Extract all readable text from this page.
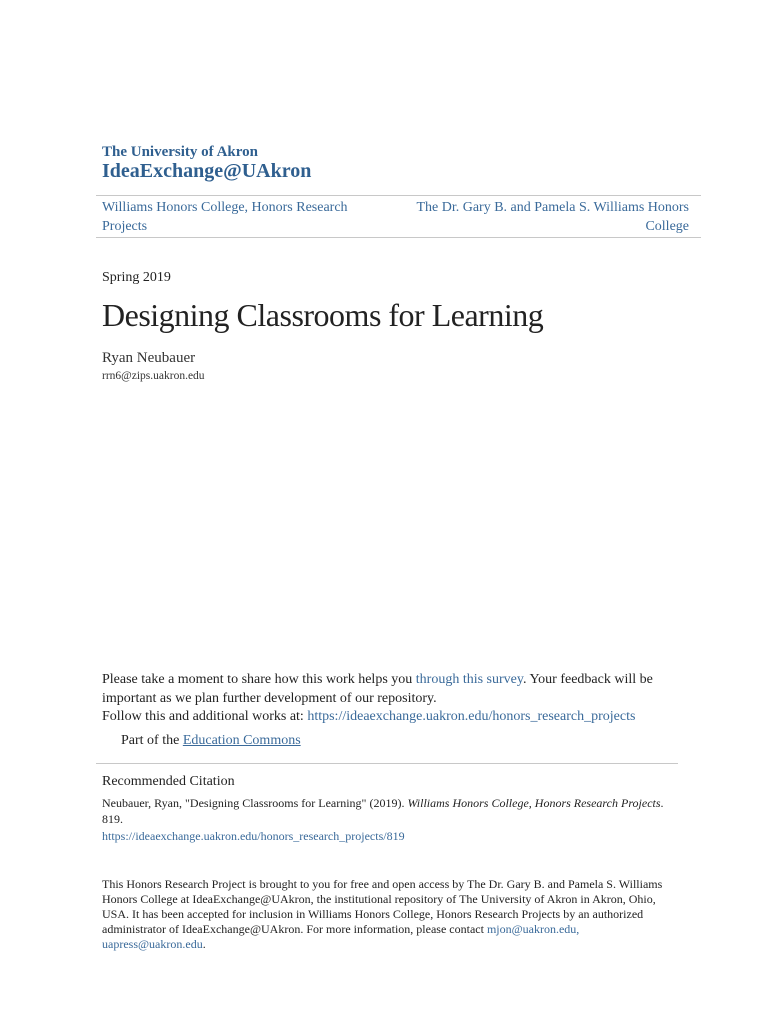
The University of Akron
IdeaExchange@UAkron
Williams Honors College, Honors Research Projects
The Dr. Gary B. and Pamela S. Williams Honors College
Spring 2019
Designing Classrooms for Learning
Ryan Neubauer
rrn6@zips.uakron.edu
Please take a moment to share how this work helps you through this survey. Your feedback will be important as we plan further development of our repository.
Follow this and additional works at: https://ideaexchange.uakron.edu/honors_research_projects
Part of the Education Commons
Recommended Citation
Neubauer, Ryan, "Designing Classrooms for Learning" (2019). Williams Honors College, Honors Research Projects. 819.
https://ideaexchange.uakron.edu/honors_research_projects/819
This Honors Research Project is brought to you for free and open access by The Dr. Gary B. and Pamela S. Williams Honors College at IdeaExchange@UAkron, the institutional repository of The University of Akron in Akron, Ohio, USA. It has been accepted for inclusion in Williams Honors College, Honors Research Projects by an authorized administrator of IdeaExchange@UAkron. For more information, please contact mjon@uakron.edu,
uapress@uakron.edu.
